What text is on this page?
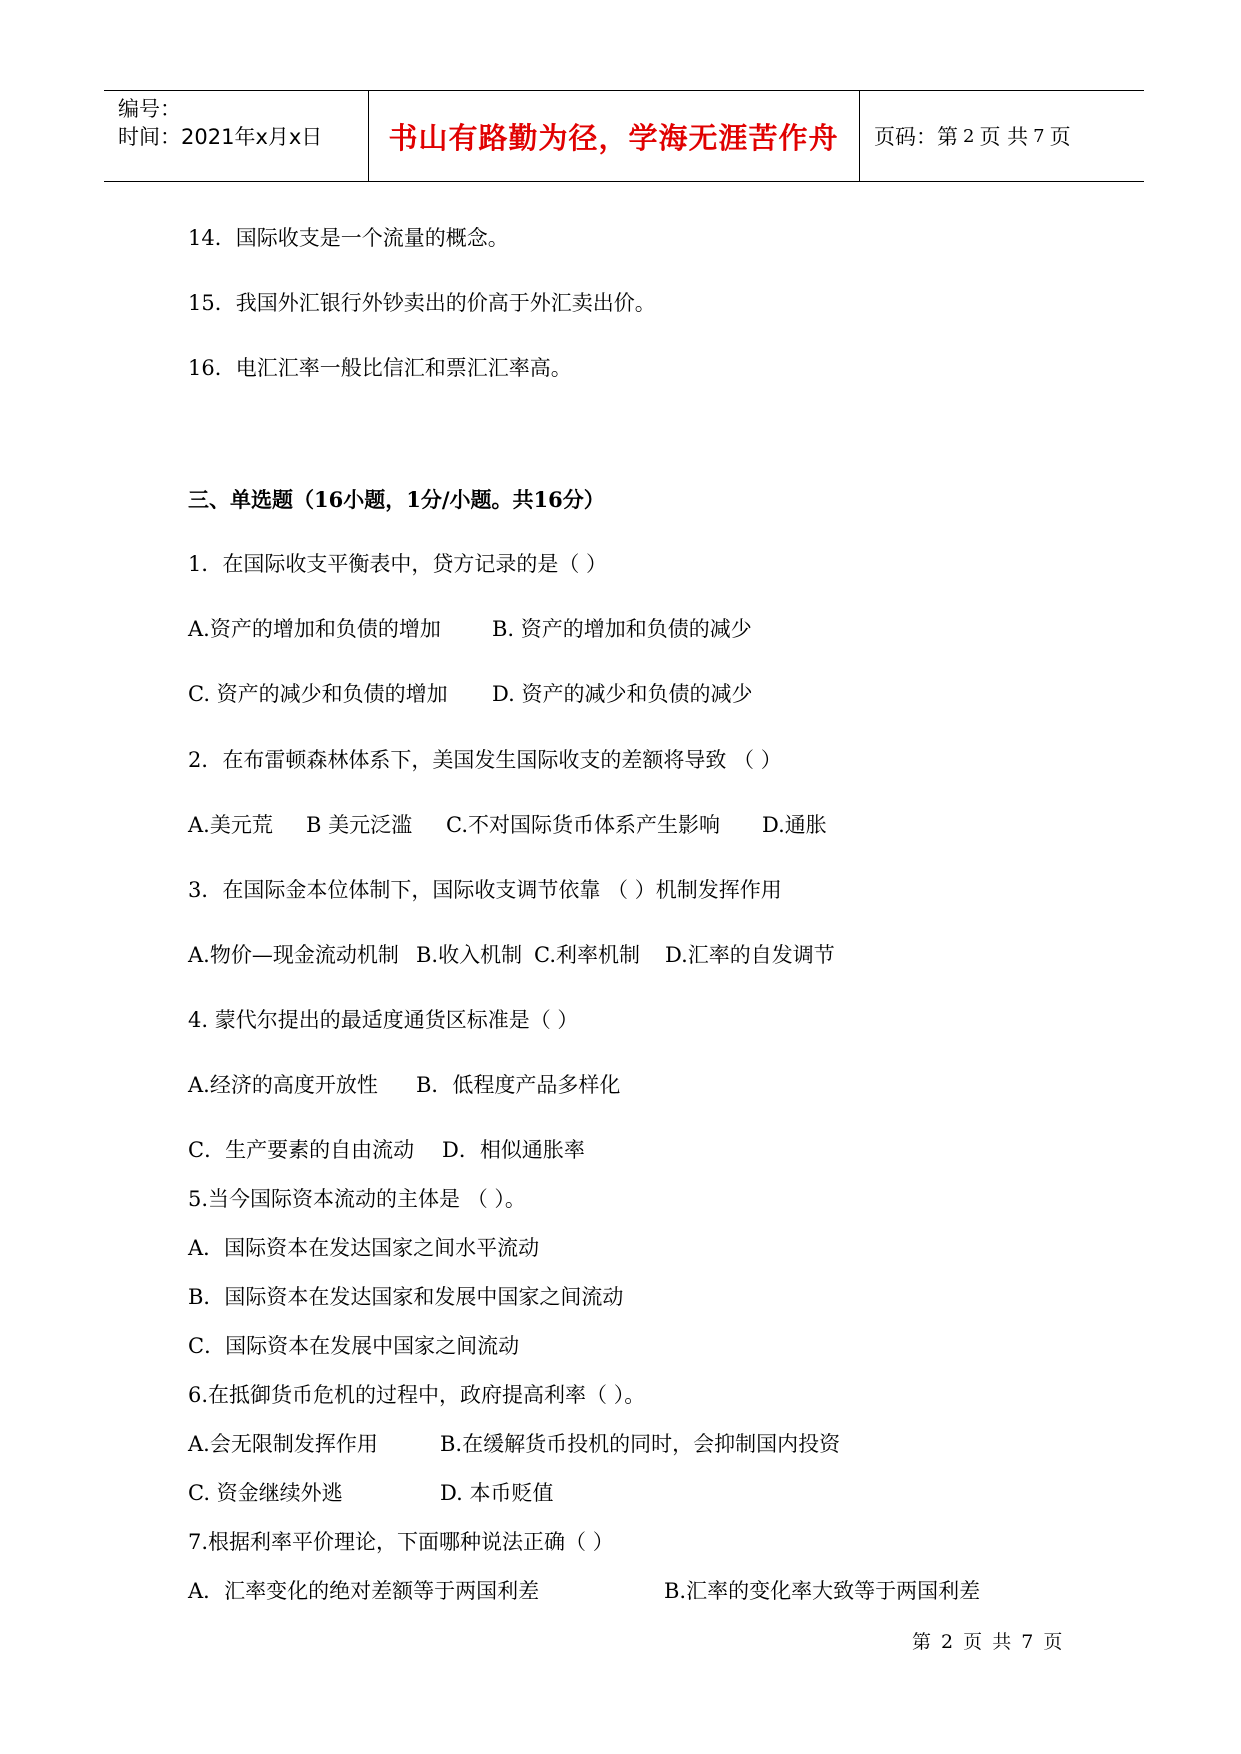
编号：
时间：2021年x月x日	书山有路勤为径，学海无涯苦作舟	页码：第 2 页 共 7 页
14．国际收支是一个流量的概念。
15．我国外汇银行外钞卖出的价高于外汇卖出价。
16．电汇汇率一般比信汇和票汇汇率高。
三、单选题（16小题，1分/小题。共16分）
1．在国际收支平衡表中，贷方记录的是（ ）
A.资产的增加和负债的增加 B. 资产的增加和负债的减少
C. 资产的减少和负债的增加 D. 资产的减少和负债的减少
2．在布雷顿森林体系下，美国发生国际收支的差额将导致 （ ）
A.美元荒 B 美元泛滥 C.不对国际货币体系产生影响 D.通胀
3．在国际金本位体制下，国际收支调节依靠 （ ）机制发挥作用
A.物价—现金流动机制 B.收入机制 C.利率机制 D.汇率的自发调节
4. 蒙代尔提出的最适度通货区标准是（ ）
A.经济的高度开放性 B．低程度产品多样化
C．生产要素的自由流动 D．相似通胀率
5.当今国际资本流动的主体是 （ ）。
A．国际资本在发达国家之间水平流动
B．国际资本在发达国家和发展中国家之间流动
C．国际资本在发展中国家之间流动
6.在抵御货币危机的过程中，政府提高利率（ ）。
A.会无限制发挥作用	B.在缓解货币投机的同时，会抑制国内投资
C. 资金继续外逃	D. 本币贬值
7.根据利率平价理论，下面哪种说法正确（ ）
A．汇率变化的绝对差额等于两国利差	B.汇率的变化率大致等于两国利差
第 2 页 共 7 页
